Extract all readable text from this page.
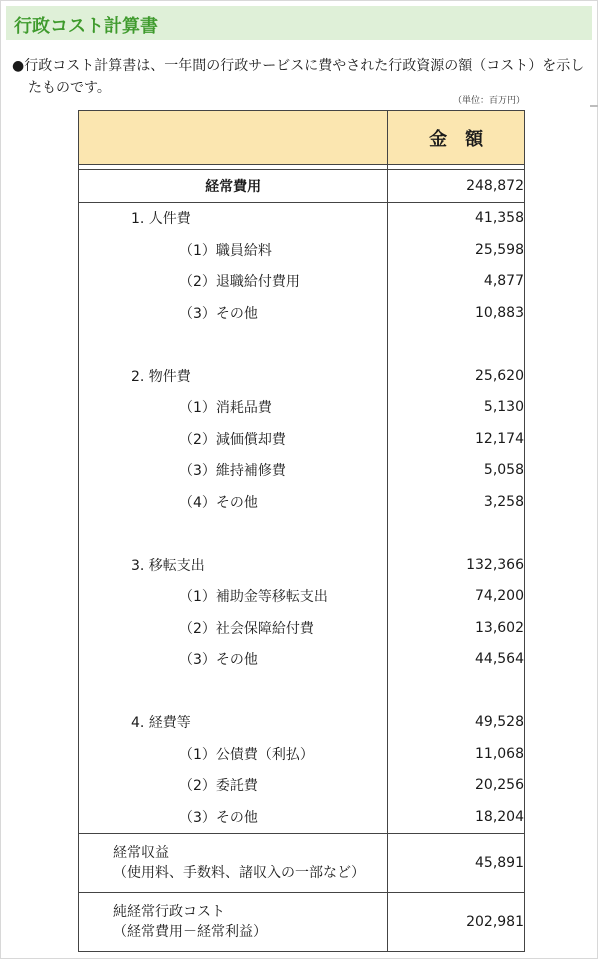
行政コスト計算書
●行政コスト計算書は、一年間の行政サービスに費やされた行政資源の額（コスト）を示し
たものです。
（単位：百万円）
	金額

経常費用	248,872

1. 人件費	41,358

（1）職員給料	25,598

（2）退職給付費用	4,877

（3）その他	10,883

2. 物件費	25,620

（1）消耗品費	5,130

（2）減価償却費	12,174

（3）維持補修費	5,058

（4）その他	3,258

3. 移転支出	132,366

（1）補助金等移転支出	74,200

（2）社会保障給付費	13,602

（3）その他	44,564

4. 経費等	49,528

（1）公債費（利払）	11,068

（2）委託費	20,256

（3）その他	18,204

経常収益
（使用料、手数料、諸収入の一部など）	45,891

純経常行政コスト
（経常費用－経常利益）	202,981
